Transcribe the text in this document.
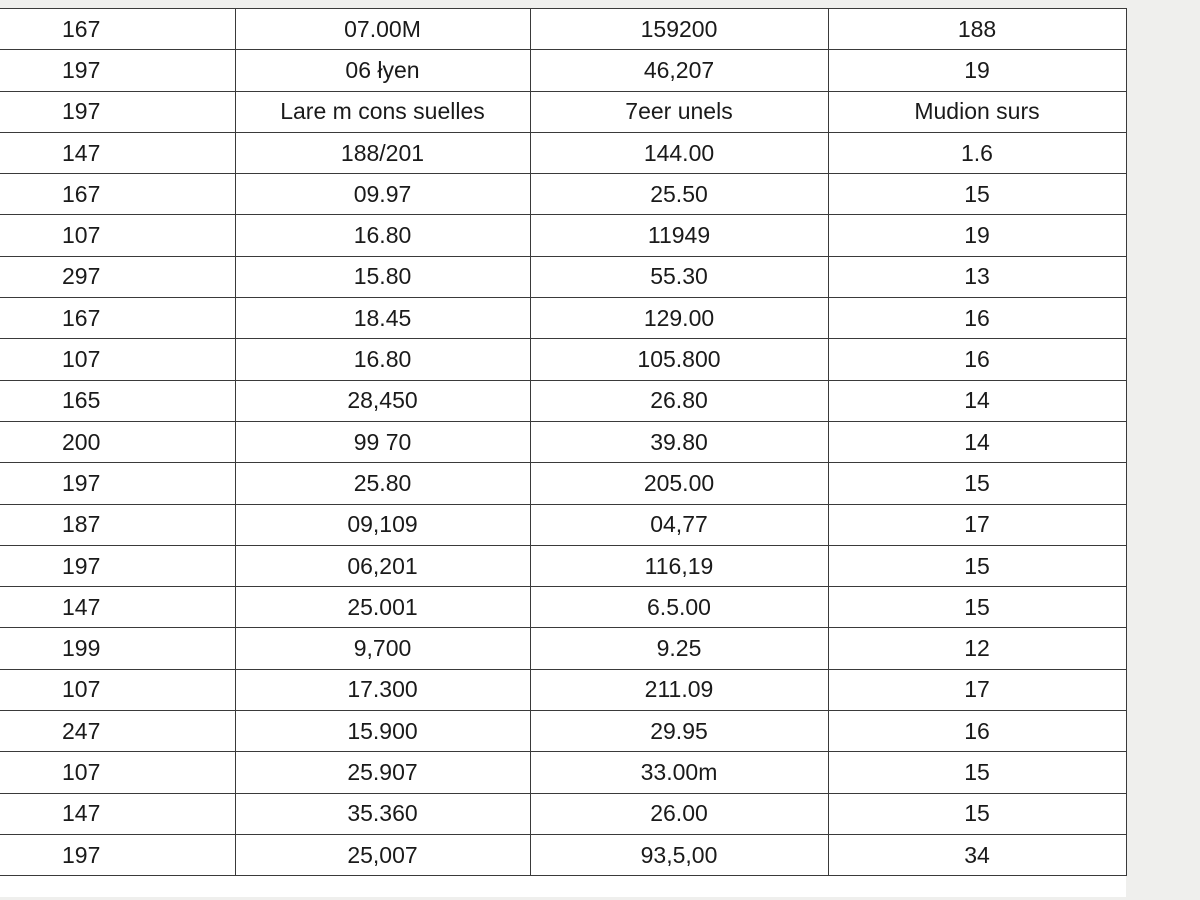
167	07.00M	159200	188
197	06 łyen	46,207	19
197	Lare m cons suelles	7eer unels	Mudion surs
147	188/201	144.00	1.6
167	09.97	25.50	15
107	16.80	11949	19
297	15.80	55.30	13
167	18.45	129.00	16
107	16.80	105.800	16
165	28,450	26.80	14
200	99 70	39.80	14
197	25.80	205.00	15
187	09,109	04,77	17
197	06,201	116,19	15
147	25.001	6.5.00	15
199	9,700	9.25	12
107	17.300	211.09	17
247	15.900	29.95	16
107	25.907	33.00m	15
147	35.360	26.00	15
197	25,007	93,5,00	34
